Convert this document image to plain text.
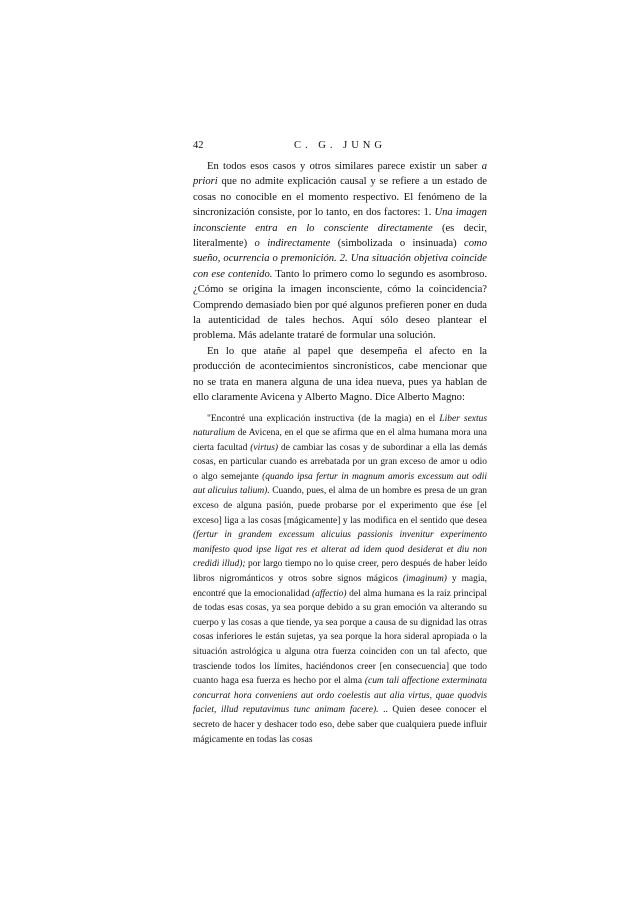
42	C. G. JUNG

En todos esos casos y otros similares parece existir un saber a priori que no admite explicación causal y se refiere a un estado de cosas no conocible en el momento respectivo. El fenómeno de la sincronización consiste, por lo tanto, en dos factores: 1. Una imagen inconsciente entra en lo consciente directamente (es decir, literalmente) o indirectamente (simbolizada o insinuada) como sueño, ocurrencia o premonición. 2. Una situación objetiva coincide con ese contenido. Tanto lo primero como lo segundo es asombroso. ¿Cómo se origina la imagen inconsciente, cómo la coincidencia? Comprendo demasiado bien por qué algunos prefieren poner en duda la autenticidad de tales hechos. Aquí sólo deseo plantear el problema. Más adelante trataré de formular una solución.

En lo que atañe al papel que desempeña el afecto en la producción de acontecimientos sincronísticos, cabe mencionar que no se trata en manera alguna de una idea nueva, pues ya hablan de ello claramente Avicena y Alberto Magno. Dice Alberto Magno:

"Encontré una explicación instructiva (de la magia) en el Liber sextus naturalium de Avicena, en el que se afirma que en el alma humana mora una cierta facultad (virtus) de cambiar las cosas y de subordinar a ella las demás cosas, en particular cuando es arrebatada por un gran exceso de amor u odio o algo semejante (quando ipsa fertur in magnum amoris excessum aut odii aut alicuius talium). Cuando, pues, el alma de un hombre es presa de un gran exceso de alguna pasión, puede probarse por el experimento que ése [el exceso] liga a las cosas [mágicamente] y las modifica en el sentido que desea (fertur in grandem excessum alicuius passionis invenitur experimento manifesto quod ipse ligat res et alterat ad idem quod desiderat et diu non credidi illud); por largo tiempo no lo quise creer, pero después de haber leído libros nigrománticos y otros sobre signos mágicos (imaginum) y magia, encontré que la emocionalidad (affectio) del alma humana es la raíz principal de todas esas cosas, ya sea porque debido a su gran emoción va alterando su cuerpo y las cosas a que tiende, ya sea porque a causa de su dignidad las otras cosas inferiores le están sujetas, ya sea porque la hora sideral apropiada o la situación astrológica u alguna otra fuerza coinciden con un tal afecto, que trasciende todos los límites, haciéndonos creer [en consecuencia] que todo cuanto haga esa fuerza es hecho por el alma (cum tali affectione exterminata concurrat hora conveniens aut ordo coelestis aut alia virtus, quae quodvis faciet, illud reputavimus tunc animam facere). .. Quien desee conocer el secreto de hacer y deshacer todo eso, debe saber que cualquiera puede influir mágicamente en todas las cosas
